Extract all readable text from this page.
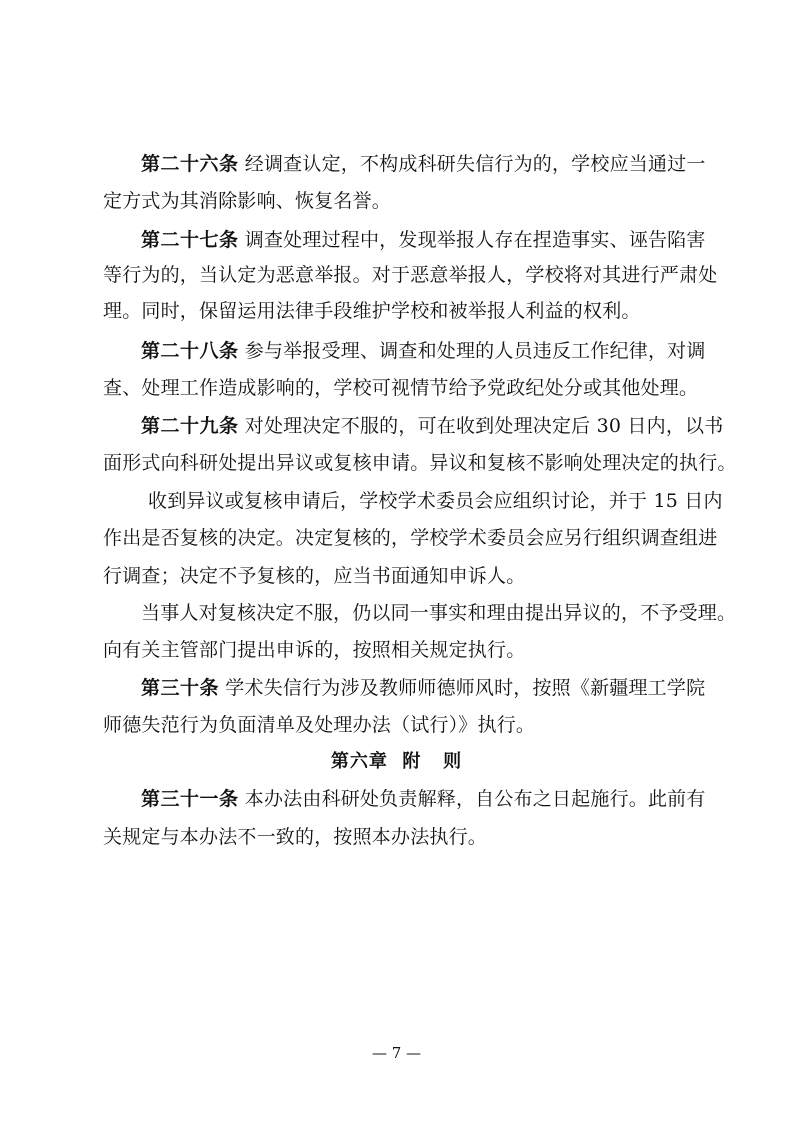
第二十六条 经调查认定，不构成科研失信行为的，学校应当通过一
定方式为其消除影响、恢复名誉。
第二十七条 调查处理过程中，发现举报人存在捏造事实、诬告陷害
等行为的，当认定为恶意举报。对于恶意举报人，学校将对其进行严肃处
理。同时，保留运用法律手段维护学校和被举报人利益的权利。
第二十八条 参与举报受理、调查和处理的人员违反工作纪律，对调
查、处理工作造成影响的，学校可视情节给予党政纪处分或其他处理。
第二十九条 对处理决定不服的，可在收到处理决定后 30 日内，以书
面形式向科研处提出异议或复核申请。异议和复核不影响处理决定的执行。
收到异议或复核申请后，学校学术委员会应组织讨论，并于 15 日内
作出是否复核的决定。决定复核的，学校学术委员会应另行组织调查组进
行调查；决定不予复核的，应当书面通知申诉人。
当事人对复核决定不服，仍以同一事实和理由提出异议的，不予受理。
向有关主管部门提出申诉的，按照相关规定执行。
第三十条 学术失信行为涉及教师师德师风时，按照《新疆理工学院
师德失范行为负面清单及处理办法（试行）》执行。
第六章  附   则
第三十一条 本办法由科研处负责解释，自公布之日起施行。此前有
关规定与本办法不一致的，按照本办法执行。
— 7 —
